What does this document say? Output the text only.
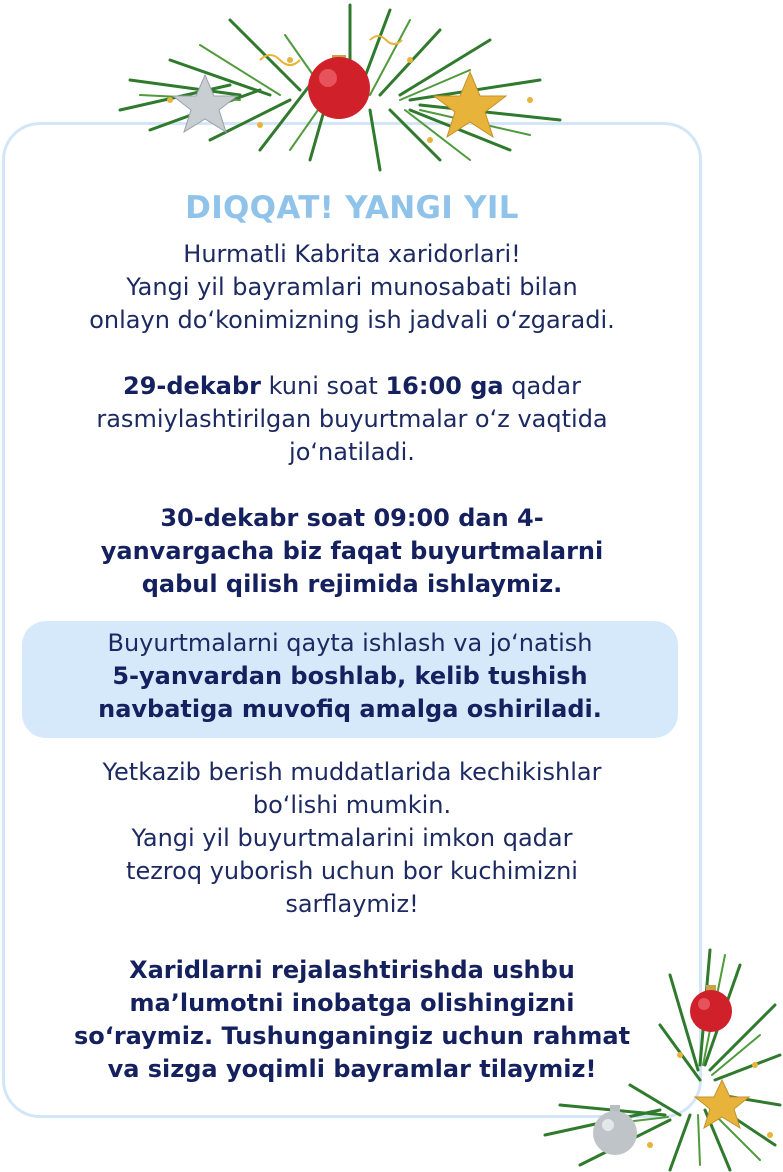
DIQQAT! YANGI YIL

Hurmatli Kabrita xaridorlari!

Yangi yil bayramlari munosabati bilan

onlayn do‘konimizning ish jadvali o‘zgaradi.

29-dekabr kuni soat 16:00 ga qadar

rasmiylashtirilgan buyurtmalar o‘z vaqtida

jo‘natiladi.

30-dekabr soat 09:00 dan 4-

yanvargacha biz faqat buyurtmalarni

qabul qilish rejimida ishlaymiz.

Buyurtmalarni qayta ishlash va jo‘natish

5-yanvardan boshlab, kelib tushish

navbatiga muvofiq amalga oshiriladi.

Yetkazib berish muddatlarida kechikishlar

bo‘lishi mumkin.

Yangi yil buyurtmalarini imkon qadar

tezroq yuborish uchun bor kuchimizni

sarflaymiz!

Xaridlarni rejalashtirishda ushbu

ma’lumotni inobatga olishingizni

so‘raymiz. Tushunganingiz uchun rahmat

va sizga yoqimli bayramlar tilaymiz!
